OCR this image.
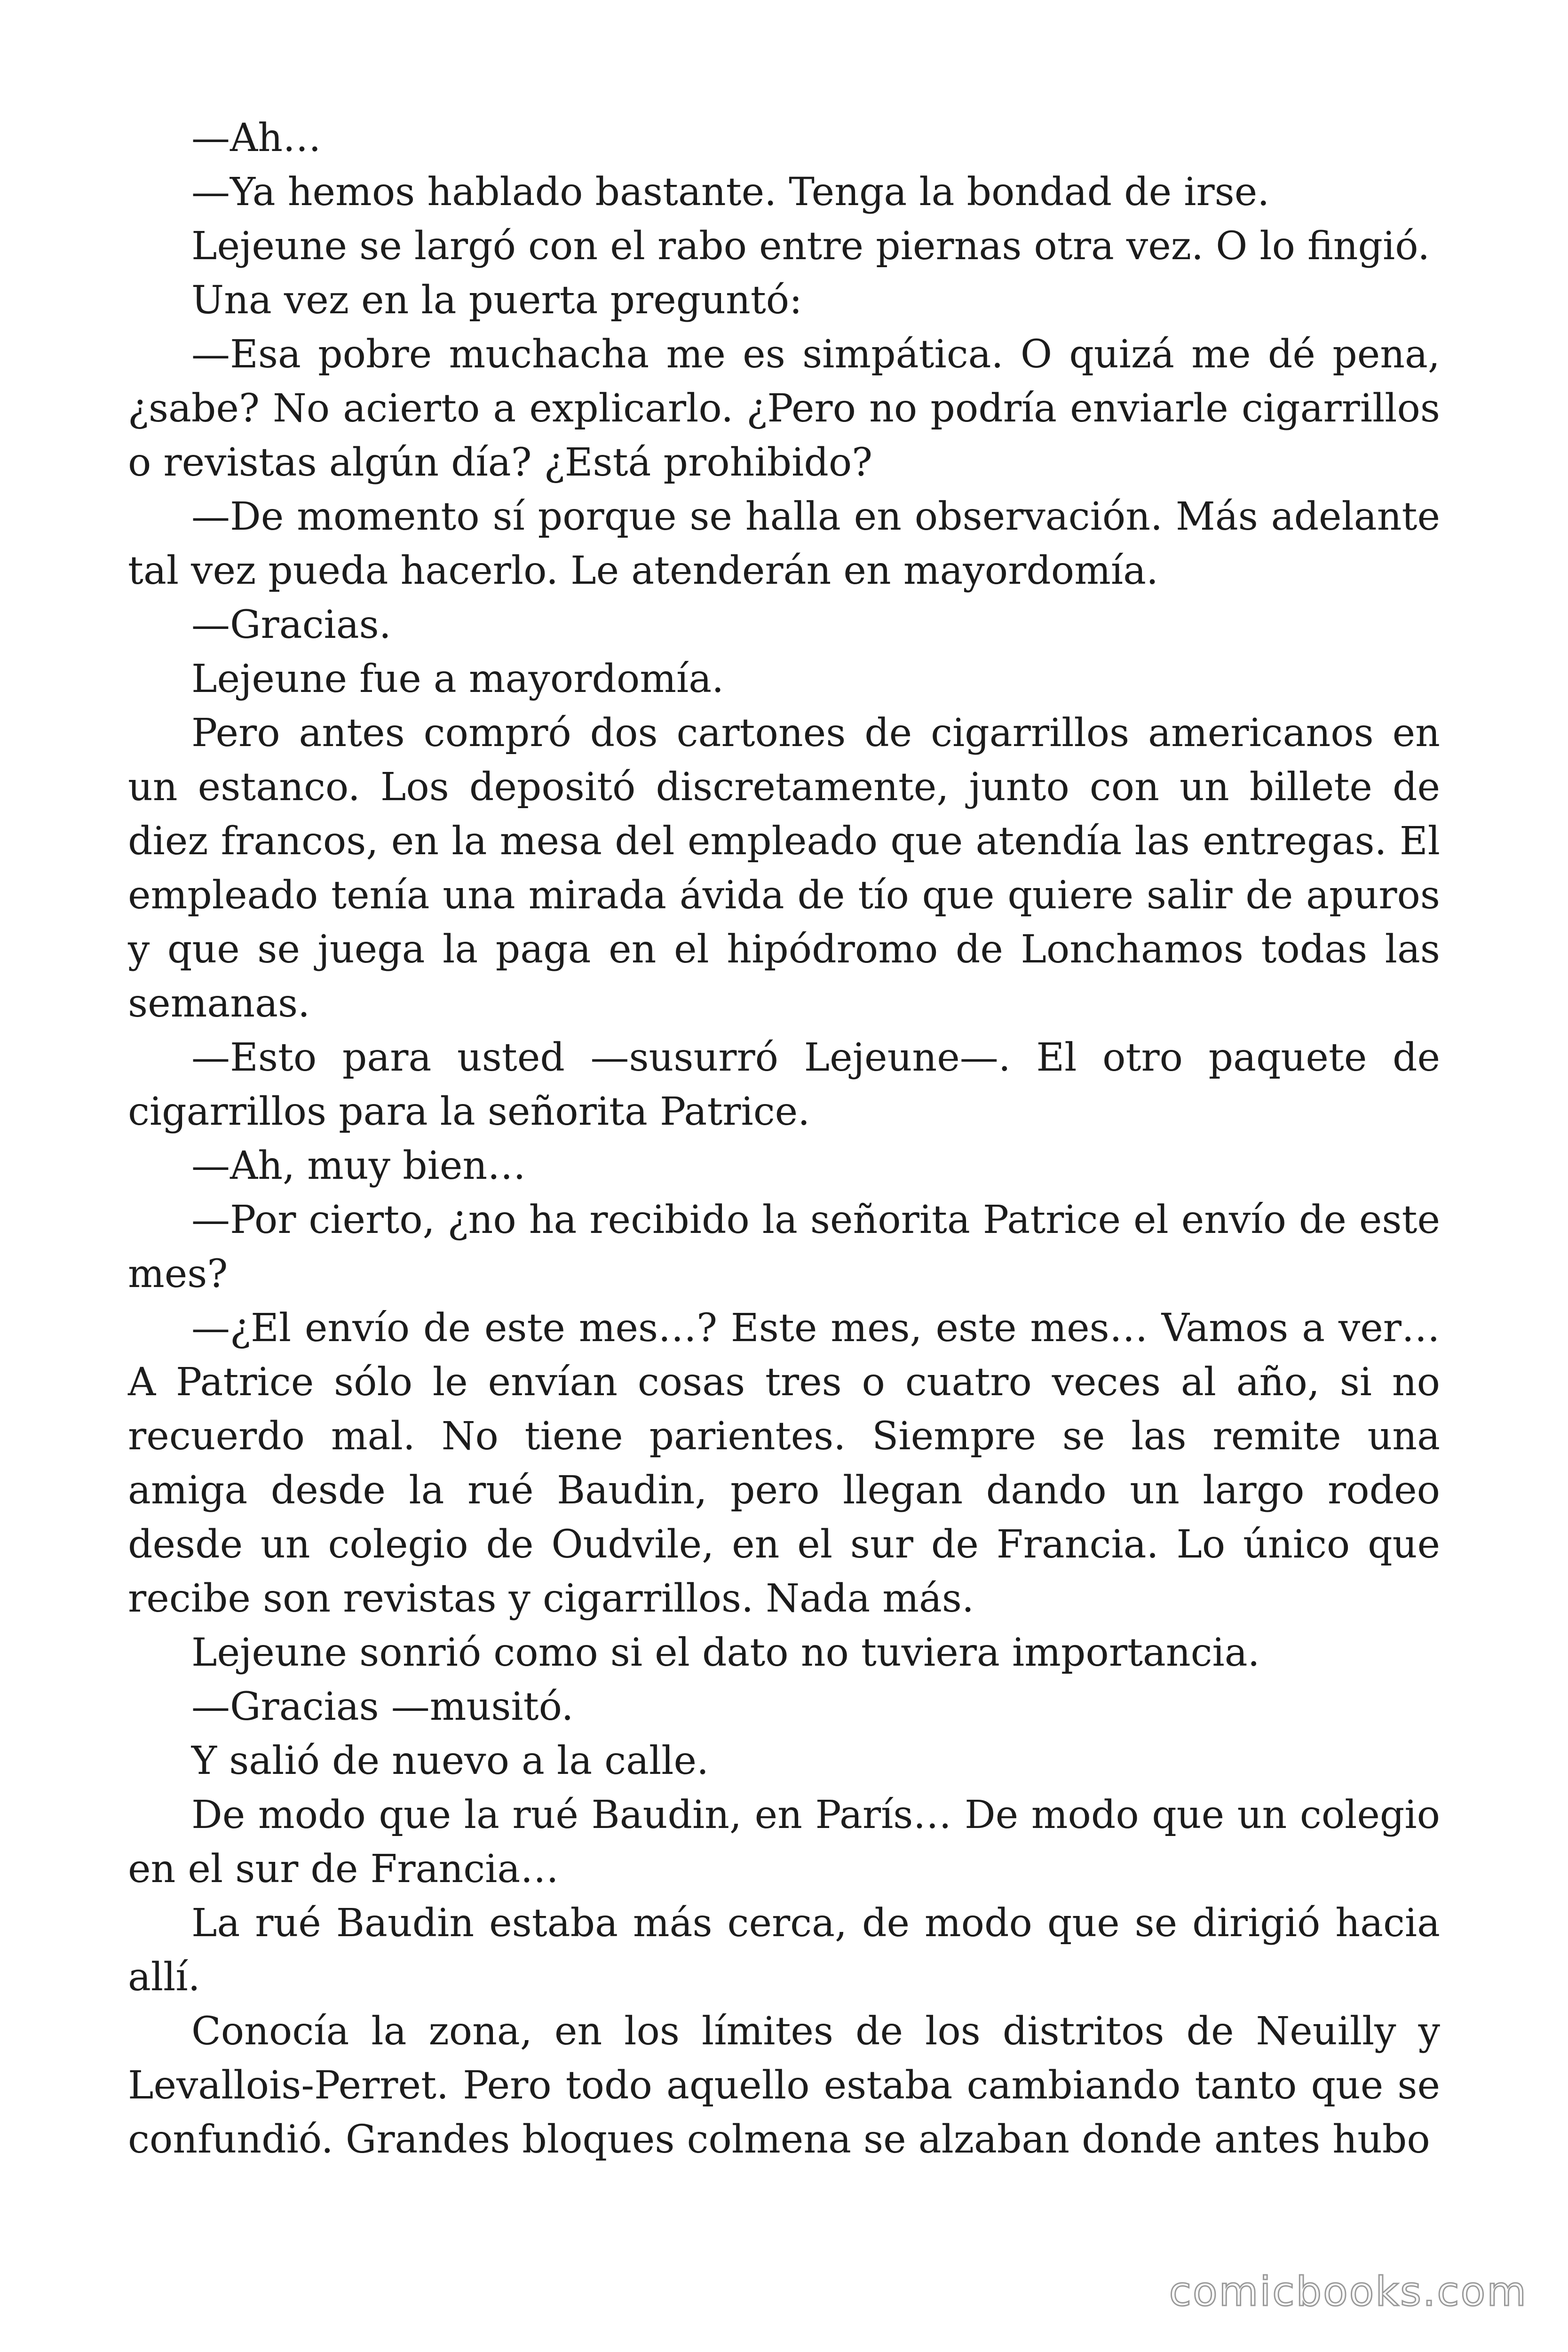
—Ah…

—Ya hemos hablado bastante. Tenga la bondad de irse.

Lejeune se largó con el rabo entre piernas otra vez. O lo fingió.

Una vez en la puerta preguntó:

—Esa pobre muchacha me es simpática. O quizá me dé pena, ¿sabe? No acierto a explicarlo. ¿Pero no podría enviarle cigarrillos o revistas algún día? ¿Está prohibido?

—De momento sí porque se halla en observación. Más adelante tal vez pueda hacerlo. Le atenderán en mayordomía.

—Gracias.

Lejeune fue a mayordomía.

Pero antes compró dos cartones de cigarrillos americanos en un estanco. Los depositó discretamente, junto con un billete de diez francos, en la mesa del empleado que atendía las entregas. El empleado tenía una mirada ávida de tío que quiere salir de apuros y que se juega la paga en el hipódromo de Lonchamos todas las semanas.

—Esto para usted —susurró Lejeune—. El otro paquete de cigarrillos para la señorita Patrice.

—Ah, muy bien…

—Por cierto, ¿no ha recibido la señorita Patrice el envío de este mes?

—¿El envío de este mes…? Este mes, este mes… Vamos a ver… A Patrice sólo le envían cosas tres o cuatro veces al año, si no recuerdo mal. No tiene parientes. Siempre se las remite una amiga desde la rué Baudin, pero llegan dando un largo rodeo desde un colegio de Oudvile, en el sur de Francia. Lo único que recibe son revistas y cigarrillos. Nada más.

Lejeune sonrió como si el dato no tuviera importancia.

—Gracias —musitó.

Y salió de nuevo a la calle.

De modo que la rué Baudin, en París… De modo que un colegio en el sur de Francia…

La rué Baudin estaba más cerca, de modo que se dirigió hacia allí.

Conocía la zona, en los límites de los distritos de Neuilly y Levallois-Perret. Pero todo aquello estaba cambiando tanto que se confundió. Grandes bloques colmena se alzaban donde antes hubo

comicbooks.com
